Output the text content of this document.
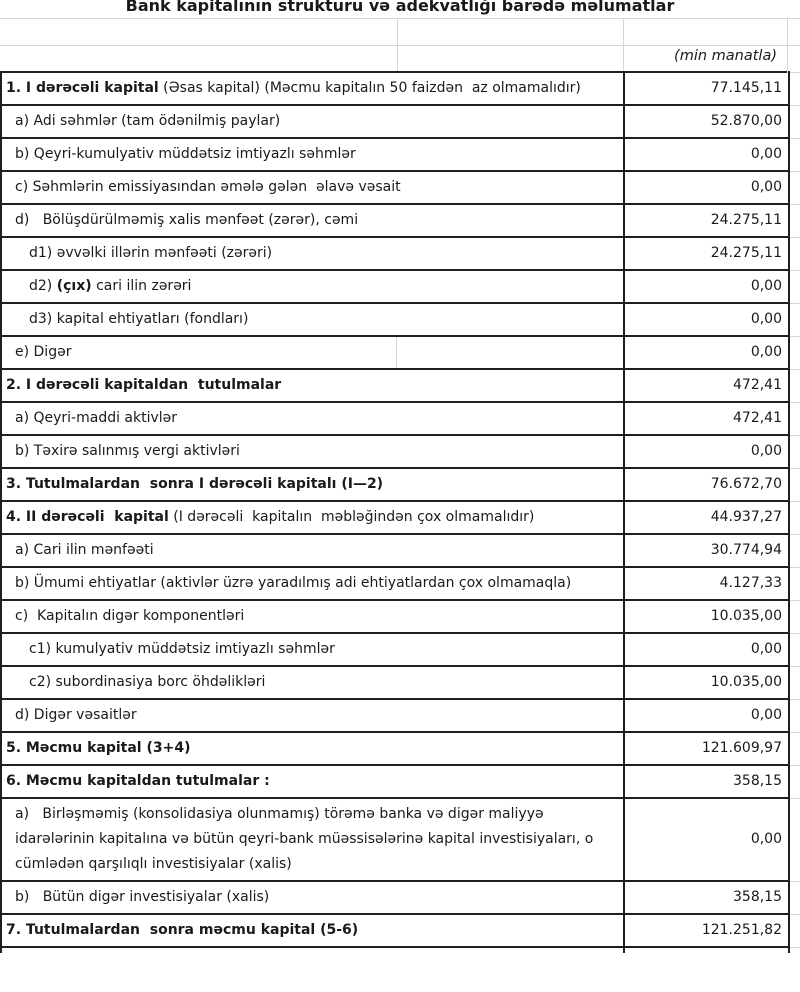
Bank kapitalının strukturu və adekvatlığı barədə məlumatlar
(min manatla)
1. I dərəcəli kapital (Əsas kapital) (Məcmu kapitalın 50 faizdən  az olmamalıdır)	77.145,11	
a) Adi səhmlər (tam ödənilmiş paylar)	52.870,00	
b) Qeyri-kumulyativ müddətsiz imtiyazlı səhmlər	0,00	
c) Səhmlərin emissiyasından əmələ gələn  əlavə vəsait	0,00	
d)   Bölüşdürülməmiş xalis mənfəət (zərər), cəmi	24.275,11	
d1) əvvəlki illərin mənfəəti (zərəri)	24.275,11	
d2) (çıx) cari ilin zərəri	0,00	
d3) kapital ehtiyatları (fondları)	0,00	
e) Digər	0,00	
2. I dərəcəli kapitaldan  tutulmalar	472,41	
a) Qeyri-maddi aktivlər	472,41	
b) Təxirə salınmış vergi aktivləri	0,00	
3. Tutulmalardan  sonra I dərəcəli kapitalı (I—2)	76.672,70	
4. II dərəcəli  kapital (I dərəcəli  kapitalın  məbləğindən çox olmamalıdır)	44.937,27	
a) Cari ilin mənfəəti	30.774,94	
b) Ümumi ehtiyatlar (aktivlər üzrə yaradılmış adi ehtiyatlardan çox olmamaqla)	4.127,33	
c)  Kapitalın digər komponentləri	10.035,00	
c1) kumulyativ müddətsiz imtiyazlı səhmlər	0,00	
c2) subordinasiya borc öhdəlikləri	10.035,00	
d) Digər vəsaitlər	0,00	
5. Məcmu kapital (3+4)	121.609,97	
6. Məcmu kapitaldan tutulmalar :	358,15	
a)   Birləşməmiş (konsolidasiya olunmamış) törəmə banka və digər maliyyə idarələrinin kapitalına və bütün qeyri-bank müəssisələrinə kapital investisiyaları, o cümlədən qarşılıqlı investisiyalar (xalis)	0,00	
b)   Bütün digər investisiyalar (xalis)	358,15	
7. Tutulmalardan  sonra məcmu kapital (5-6)	121.251,82	
